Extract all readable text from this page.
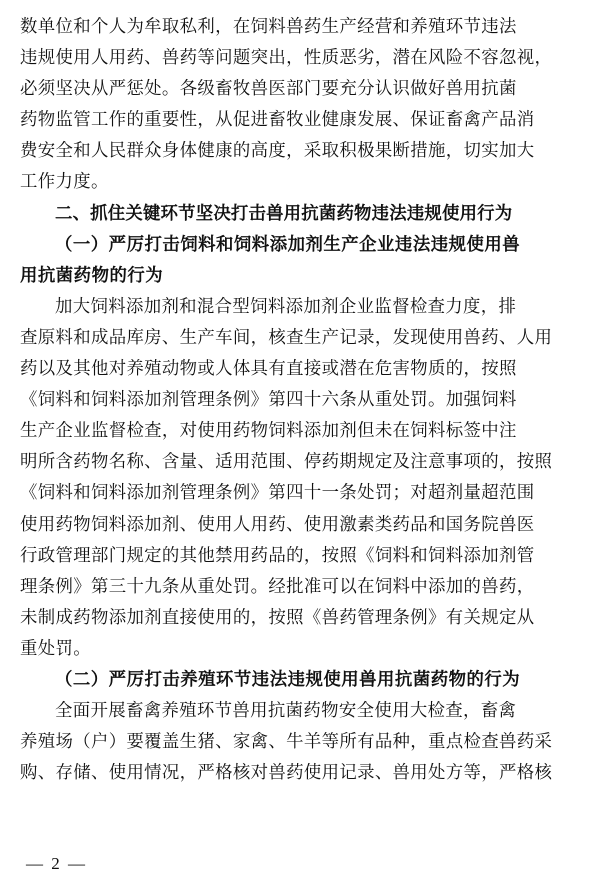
数单位和个人为牟取私利，在饲料兽药生产经营和养殖环节违法
违规使用人用药、兽药等问题突出，性质恶劣，潜在风险不容忽视，
必须坚决从严惩处。各级畜牧兽医部门要充分认识做好兽用抗菌
药物监管工作的重要性，从促进畜牧业健康发展、保证畜禽产品消
费安全和人民群众身体健康的高度，采取积极果断措施，切实加大
工作力度。
二、抓住关键环节坚决打击兽用抗菌药物违法违规使用行为
（一）严厉打击饲料和饲料添加剂生产企业违法违规使用兽
用抗菌药物的行为
加大饲料添加剂和混合型饲料添加剂企业监督检查力度，排
查原料和成品库房、生产车间，核查生产记录，发现使用兽药、人用
药以及其他对养殖动物或人体具有直接或潜在危害物质的，按照
《饲料和饲料添加剂管理条例》第四十六条从重处罚。加强饲料
生产企业监督检查，对使用药物饲料添加剂但未在饲料标签中注
明所含药物名称、含量、适用范围、停药期规定及注意事项的，按照
《饲料和饲料添加剂管理条例》第四十一条处罚；对超剂量超范围
使用药物饲料添加剂、使用人用药、使用激素类药品和国务院兽医
行政管理部门规定的其他禁用药品的，按照《饲料和饲料添加剂管
理条例》第三十九条从重处罚。经批准可以在饲料中添加的兽药，
未制成药物添加剂直接使用的，按照《兽药管理条例》有关规定从
重处罚。
（二）严厉打击养殖环节违法违规使用兽用抗菌药物的行为
全面开展畜禽养殖环节兽用抗菌药物安全使用大检查，畜禽
养殖场（户）要覆盖生猪、家禽、牛羊等所有品种，重点检查兽药采
购、存储、使用情况，严格核对兽药使用记录、兽用处方等，严格核
— 2 —
